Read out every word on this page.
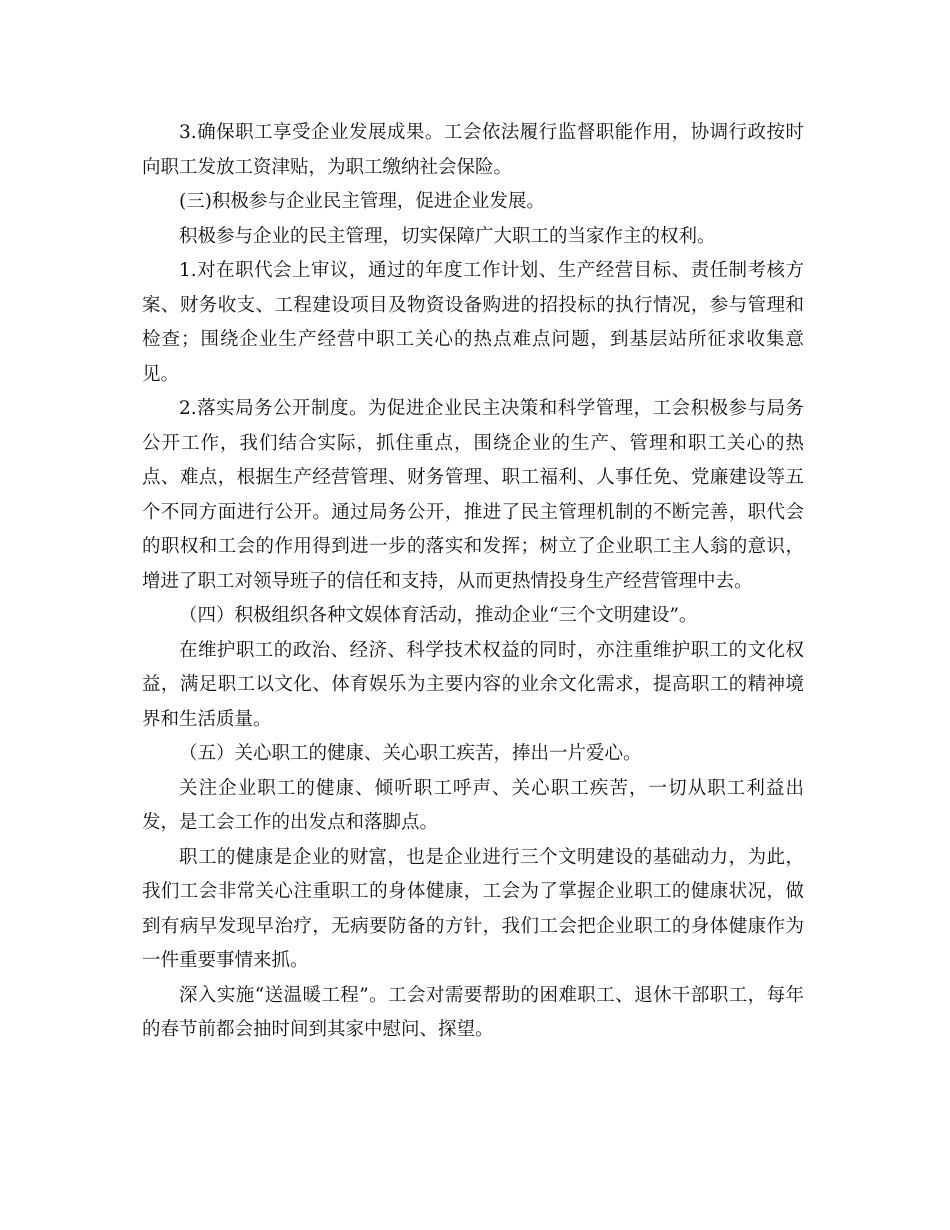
3.确保职工享受企业发展成果。工会依法履行监督职能作用，协调行政按时向职工发放工资津贴，为职工缴纳社会保险。

(三)积极参与企业民主管理，促进企业发展。

积极参与企业的民主管理，切实保障广大职工的当家作主的权利。

1.对在职代会上审议，通过的年度工作计划、生产经营目标、责任制考核方案、财务收支、工程建设项目及物资设备购进的招投标的执行情况，参与管理和检查；围绕企业生产经营中职工关心的热点难点问题，到基层站所征求收集意见。

2.落实局务公开制度。为促进企业民主决策和科学管理，工会积极参与局务公开工作，我们结合实际，抓住重点，围绕企业的生产、管理和职工关心的热点、难点，根据生产经营管理、财务管理、职工福利、人事任免、党廉建设等五个不同方面进行公开。通过局务公开，推进了民主管理机制的不断完善，职代会的职权和工会的作用得到进一步的落实和发挥；树立了企业职工主人翁的意识，增进了职工对领导班子的信任和支持，从而更热情投身生产经营管理中去。

（四）积极组织各种文娱体育活动，推动企业“三个文明建设”。

在维护职工的政治、经济、科学技术权益的同时，亦注重维护职工的文化权益，满足职工以文化、体育娱乐为主要内容的业余文化需求，提高职工的精神境界和生活质量。

（五）关心职工的健康、关心职工疾苦，捧出一片爱心。

关注企业职工的健康、倾听职工呼声、关心职工疾苦，一切从职工利益出发，是工会工作的出发点和落脚点。

职工的健康是企业的财富，也是企业进行三个文明建设的基础动力，为此，我们工会非常关心注重职工的身体健康，工会为了掌握企业职工的健康状况，做到有病早发现早治疗，无病要防备的方针，我们工会把企业职工的身体健康作为一件重要事情来抓。

深入实施“送温暖工程”。工会对需要帮助的困难职工、退休干部职工，每年的春节前都会抽时间到其家中慰问、探望。
